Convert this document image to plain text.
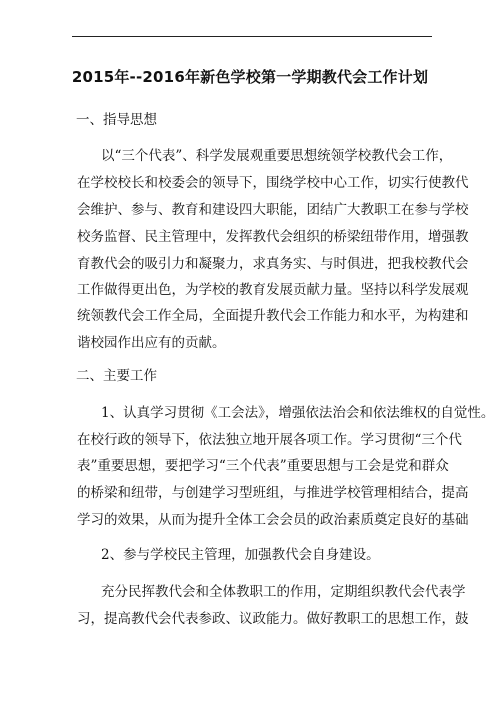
2015年--2016年新色学校第一学期教代会工作计划
一、指导思想
以“三个代表”、科学发展观重要思想统领学校教代会工作，
在学校校长和校委会的领导下，围绕学校中心工作，切实行使教代
会维护、参与、教育和建设四大职能，团结广大教职工在参与学校
校务监督、民主管理中，发挥教代会组织的桥梁纽带作用，增强教
育教代会的吸引力和凝聚力，求真务实、与时俱进，把我校教代会
工作做得更出色，为学校的教育发展贡献力量。坚持以科学发展观
统领教代会工作全局，全面提升教代会工作能力和水平，为构建和
谐校园作出应有的贡献。
二、主要工作
1、认真学习贯彻《工会法》，增强依法治会和依法维权的自觉性。
在校行政的领导下，依法独立地开展各项工作。学习贯彻“三个代
表”重要思想，要把学习“三个代表”重要思想与工会是党和群众
的桥梁和纽带，与创建学习型班组，与推进学校管理相结合，提高
学习的效果，从而为提升全体工会会员的政治素质奠定良好的基础
2、参与学校民主管理，加强教代会自身建设。
充分民挥教代会和全体教职工的作用，定期组织教代会代表学
习，提高教代会代表参政、议政能力。做好教职工的思想工作，鼓
